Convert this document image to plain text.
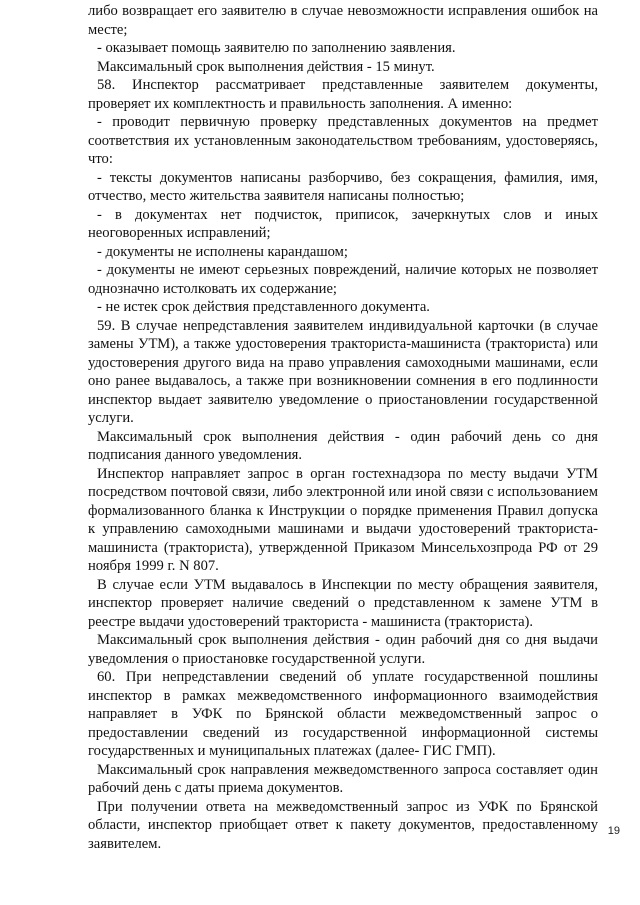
либо возвращает его заявителю в случае невозможности исправления ошибок на месте;

- оказывает помощь заявителю по заполнению заявления.

Максимальный срок выполнения действия - 15 минут.

58. Инспектор рассматривает представленные заявителем документы, проверяет их комплектность и правильность заполнения. А именно:

- проводит первичную проверку представленных документов на предмет соответствия их установленным законодательством требованиям, удостоверяясь, что:

- тексты документов написаны разборчиво, без сокращения, фамилия, имя, отчество, место жительства заявителя написаны полностью;

- в документах нет подчисток, приписок, зачеркнутых слов и иных неоговоренных исправлений;

- документы не исполнены карандашом;

- документы не имеют серьезных повреждений, наличие которых не позволяет однозначно истолковать их содержание;

- не истек срок действия представленного документа.

59. В случае непредставления заявителем индивидуальной карточки (в случае замены УТМ), а также удостоверения тракториста-машиниста (тракториста) или удостоверения другого вида на право управления самоходными машинами, если оно ранее выдавалось, а также при возникновении сомнения в его подлинности инспектор выдает заявителю уведомление о приостановлении государственной услуги.

Максимальный срок выполнения действия - один рабочий день со дня подписания данного уведомления.

Инспектор направляет запрос в орган гостехнадзора по месту выдачи УТМ посредством почтовой связи, либо электронной или иной связи с использованием формализованного бланка к Инструкции о порядке применения Правил допуска к управлению самоходными машинами и выдачи удостоверений тракториста-машиниста (тракториста), утвержденной Приказом Минсельхозпрода РФ от 29 ноября 1999 г. N 807.

В случае если УТМ выдавалось в Инспекции по месту обращения заявителя, инспектор проверяет наличие сведений о представленном к замене УТМ в реестре выдачи удостоверений тракториста - машиниста (тракториста).

Максимальный срок выполнения действия - один рабочий дня со дня выдачи уведомления о приостановке государственной услуги.

60. При непредставлении сведений об уплате государственной пошлины инспектор в рамках межведомственного информационного взаимодействия направляет в УФК по Брянской области межведомственный запрос о предоставлении сведений из государственной информационной системы государственных и муниципальных платежах (далее- ГИС ГМП).

Максимальный срок направления межведомственного запроса составляет один рабочий день с даты приема документов.

При получении ответа на межведомственный запрос из УФК по Брянской области, инспектор приобщает ответ к пакету документов, предоставленному заявителем.

19
